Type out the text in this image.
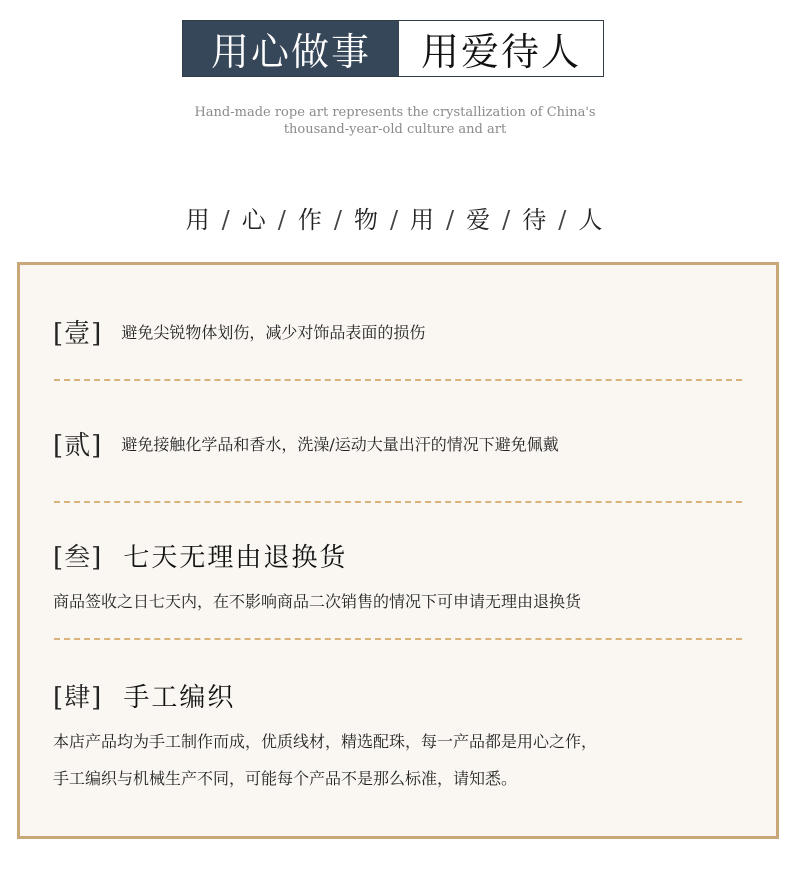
用心做事	用爱待人
Hand-made rope art represents the crystallization of China's
thousand-year-old culture and art
用 / 心 / 作 / 物 / 用 / 爱 / 待 / 人
[壹] 避免尖锐物体划伤，减少对饰品表面的损伤
[贰] 避免接触化学品和香水，洗澡/运动大量出汗的情况下避免佩戴
[叁] 七天无理由退换货
商品签收之日七天内，在不影响商品二次销售的情况下可申请无理由退换货
[肆] 手工编织
本店产品均为手工制作而成，优质线材，精选配珠，每一产品都是用心之作，
手工编织与机械生产不同，可能每个产品不是那么标准，请知悉。
